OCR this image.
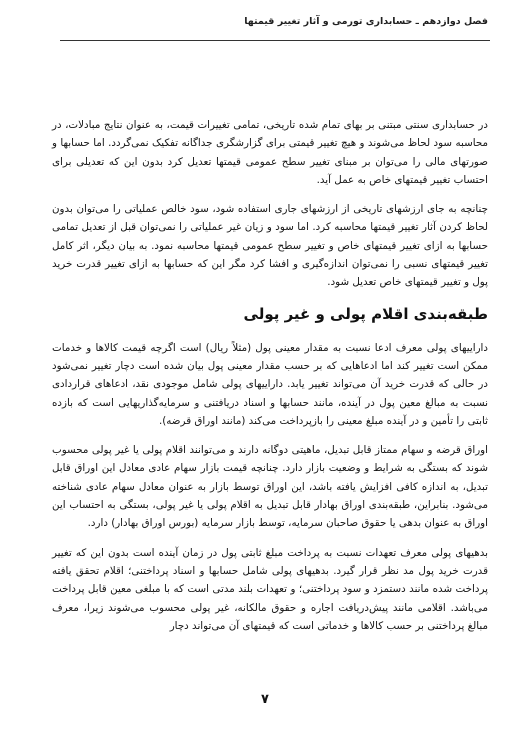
فصل دوازدهم ـ حسابداری تورمی و آثار تغییر قیمتها

در حسابداری سنتی مبتنی بر بهای تمام شده تاریخی، تمامی تغییرات قیمت، به عنوان نتایج مبادلات، در محاسبه سود لحاظ می‌شوند و هیچ تغییر قیمتی برای گزارشگری جداگانه تفکیک نمی‌گردد. اما حسابها و صورتهای مالی را می‌توان بر مبنای تغییر سطح عمومی قیمتها تعدیل کرد بدون این که تعدیلی برای احتساب تغییر قیمتهای خاص به عمل آید.

چنانچه به جای ارزشهای تاریخی از ارزشهای جاری استفاده شود، سود خالص عملیاتی را می‌توان بدون لحاظ کردن آثار تغییر قیمتها محاسبه کرد. اما سود و زیان غیر عملیاتی را نمی‌توان قبل از تعدیل تمامی حسابها به ازای تغییر قیمتهای خاص و تغییر سطح عمومی قیمتها محاسبه نمود. به بیان دیگر، اثر کامل تغییر قیمتهای نسبی را نمی‌توان اندازه‌گیری و افشا کرد مگر این که حسابها به ازای تغییر قدرت خرید پول و تغییر قیمتهای خاص تعدیل شود.

طبقه‌بندی اقلام پولی و غیر پولی

داراییهای پولی معرف ادعا نسبت به مقدار معینی پول (مثلاً ریال) است اگرچه قیمت کالاها و خدمات ممکن است تغییر کند اما ادعاهایی که بر حسب مقدار معینی پول بیان شده است دچار تغییر نمی‌شود در حالی که قدرت خرید آن می‌تواند تغییر یابد. داراییهای پولی شامل موجودی نقد، ادعاهای قراردادی نسبت به مبالغ معین پول در آینده، مانند حسابها و اسناد دریافتنی و سرمایه‌گذاریهایی است که بازده ثابتی را تأمین و در آینده مبلغ معینی را بازپرداخت می‌کند (مانند اوراق قرضه).

اوراق قرضه و سهام ممتاز قابل تبدیل، ماهیتی دوگانه دارند و می‌توانند اقلام پولی یا غیر پولی محسوب شوند که بستگی به شرایط و وضعیت بازار دارد. چنانچه قیمت بازار سهام عادی معادل این اوراق قابل تبدیل، به اندازه کافی افزایش یافته باشد، این اوراق توسط بازار به عنوان معادل سهام عادی شناخته می‌شود. بنابراین، طبقه‌بندی اوراق بهادار قابل تبدیل به اقلام پولی یا غیر پولی، بستگی به احتساب این اوراق به عنوان بدهی یا حقوق صاحبان سرمایه، توسط بازار سرمایه (بورس اوراق بهادار) دارد.

بدهیهای پولی معرف تعهدات نسبت به پرداخت مبلغ ثابتی پول در زمان آینده است بدون این که تغییر قدرت خرید پول مد نظر قرار گیرد. بدهیهای پولی شامل حسابها و اسناد پرداختنی؛ اقلام تحقق یافته پرداخت شده مانند دستمزد و سود پرداختنی؛ و تعهدات بلند مدتی است که با مبلغی معین قابل پرداخت می‌باشد. اقلامی مانند پیش‌دریافت اجاره و حقوق مالکانه، غیر پولی محسوب می‌شوند زیرا، معرف مبالغ پرداختنی بر حسب کالاها و خدماتی است که قیمتهای آن می‌تواند دچار

۷
